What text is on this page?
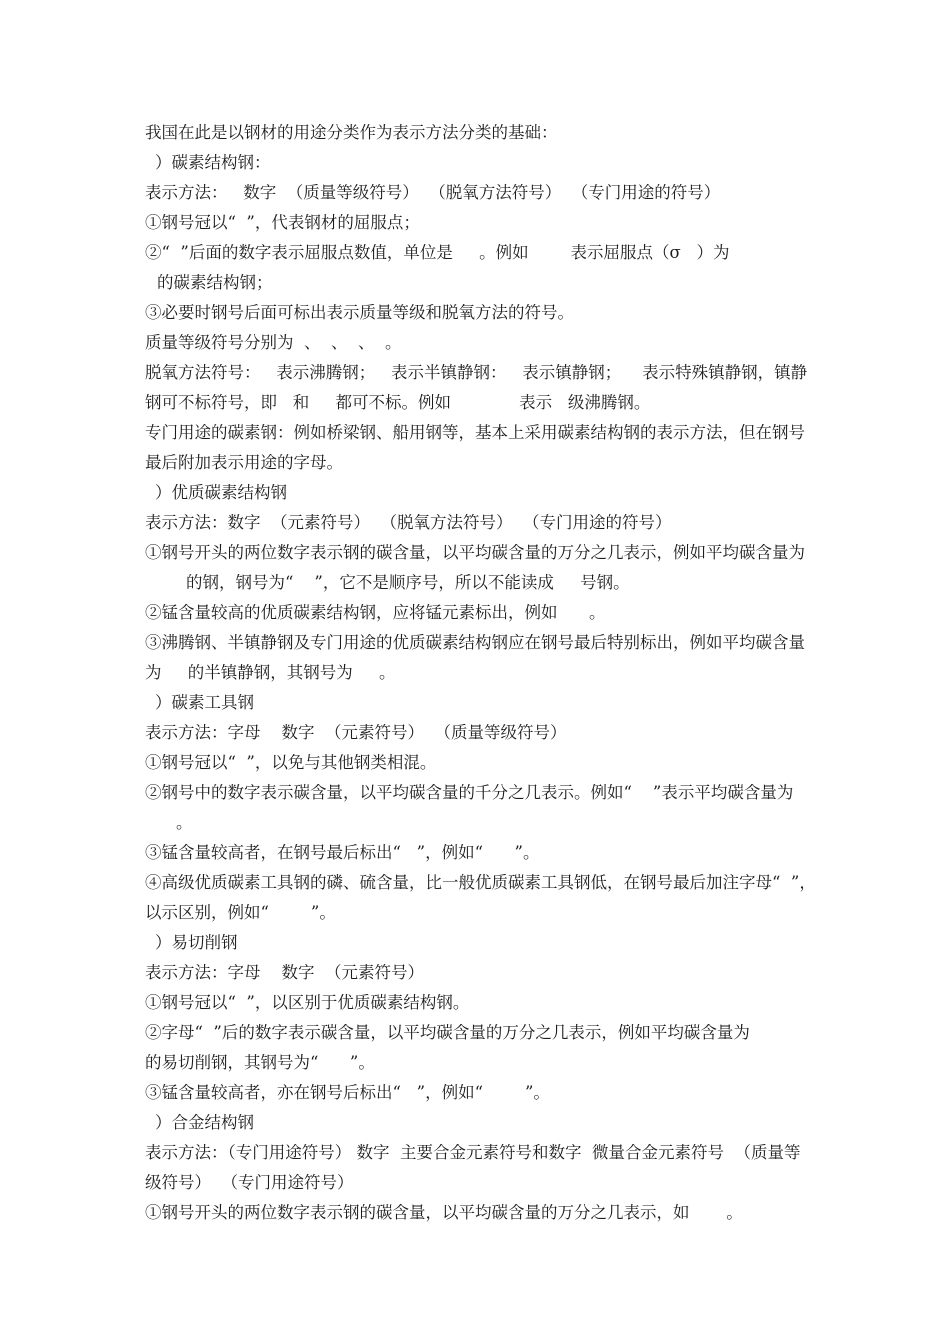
我国在此是以钢材的用途分类作为表示方法分类的基础：
）碳素结构钢：
表示方法：   数字  （质量等级符号）  （脱氧方法符号）  （专门用途的符号）
①钢号冠以“  ”，代表钢材的屈服点；
②“  ”后面的数字表示屈服点数值，单位是     。例如        表示屈服点（σ   ）为
的碳素结构钢；
③必要时钢号后面可标出表示质量等级和脱氧方法的符号。
质量等级符号分别为  、  、  、  。
脱氧方法符号：   表示沸腾钢；   表示半镇静钢：   表示镇静钢；    表示特殊镇静钢，镇静
钢可不标符号，即   和     都可不标。例如             表示   级沸腾钢。
专门用途的碳素钢：例如桥梁钢、船用钢等，基本上采用碳素结构钢的表示方法，但在钢号
最后附加表示用途的字母。
）优质碳素结构钢
表示方法：数字  （元素符号）  （脱氧方法符号）  （专门用途的符号）
①钢号开头的两位数字表示钢的碳含量，以平均碳含量的万分之几表示，例如平均碳含量为
的钢，钢号为“    ”，它不是顺序号，所以不能读成     号钢。
②锰含量较高的优质碳素结构钢，应将锰元素标出，例如      。
③沸腾钢、半镇静钢及专门用途的优质碳素结构钢应在钢号最后特别标出，例如平均碳含量
为     的半镇静钢，其钢号为     。
）碳素工具钢
表示方法：字母    数字  （元素符号）  （质量等级符号）
①钢号冠以“  ”，以免与其他钢类相混。
②钢号中的数字表示碳含量，以平均碳含量的千分之几表示。例如“    ”表示平均碳含量为
。
③锰含量较高者，在钢号最后标出“   ”，例如“      ”。
④高级优质碳素工具钢的磷、硫含量，比一般优质碳素工具钢低，在钢号最后加注字母“  ”，
以示区别，例如“        ”。
）易切削钢
表示方法：字母    数字  （元素符号）
①钢号冠以“  ”，以区别于优质碳素结构钢。
②字母“  ”后的数字表示碳含量，以平均碳含量的万分之几表示，例如平均碳含量为
的易切削钢，其钢号为“      ”。
③锰含量较高者，亦在钢号后标出“   ”，例如“        ”。
）合金结构钢
表示方法：（专门用途符号） 数字  主要合金元素符号和数字  微量合金元素符号  （质量等
级符号）  （专门用途符号）
①钢号开头的两位数字表示钢的碳含量，以平均碳含量的万分之几表示，如       。
